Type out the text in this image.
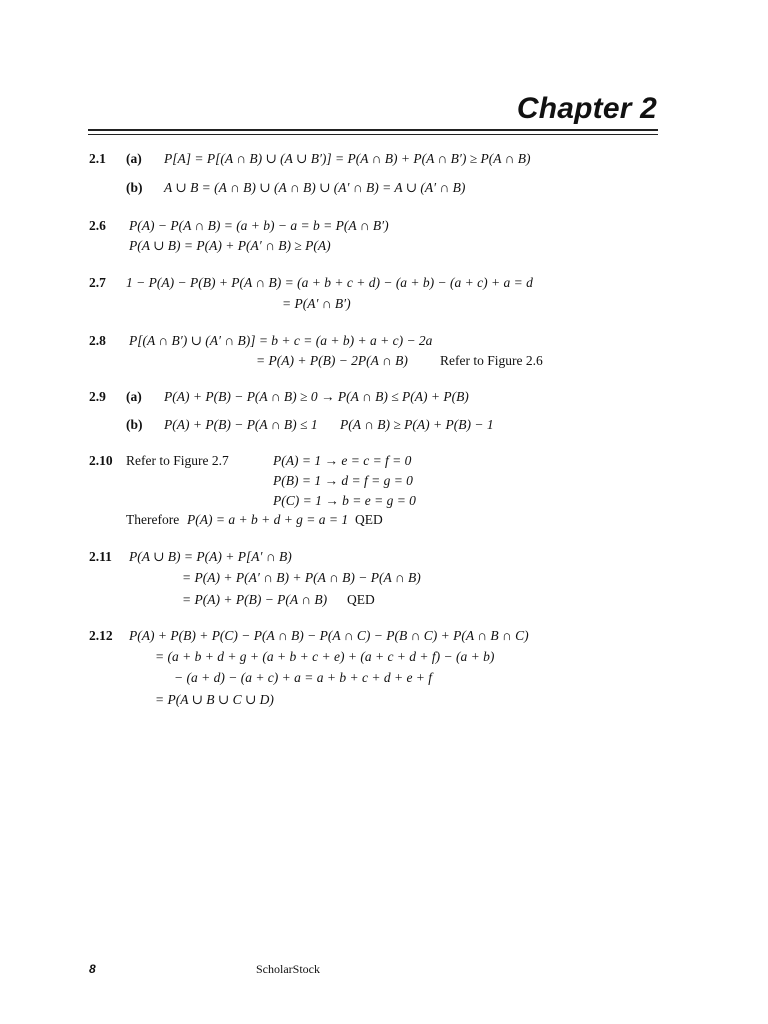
Chapter 2
2.1 (a) P[A] = P[(A ∩ B) ∪ (A ∪ B′)] = P(A ∩ B) + P(A ∩ B′) ≥ P(A ∩ B)
(b) A ∪ B = (A ∩ B) ∪ (A ∩ B) ∪ (A′ ∩ B) = A ∪ (A′ ∩ B)
2.6 P(A) − P(A ∩ B) = (a + b) − a = b = P(A ∩ B′)
P(A ∪ B) = P(A) + P(A′ ∩ B) ≥ P(A)
2.7 1 − P(A) − P(B) + P(A ∩ B) = (a + b + c + d) − (a + b) − (a + c) + a = d
= P(A′ ∩ B′)
2.8 P[(A ∩ B′) ∪ (A′ ∩ B)] = b + c = (a + b) + a + c) − 2a
= P(A) + P(B) − 2P(A ∩ B) Refer to Figure 2.6
2.9 (a) P(A) + P(B) − P(A ∩ B) ≥ 0 → P(A ∩ B) ≤ P(A) + P(B)
(b) P(A) + P(B) − P(A ∩ B) ≤ 1 P(A ∩ B) ≥ P(A) + P(B) − 1
2.10 Refer to Figure 2.7	P(A) = 1 → e = c = f = 0
P(B) = 1 → d = f = g = 0
P(C) = 1 → b = e = g = 0
Therefore P(A) = a + b + d + g = a = 1 QED
2.11 P(A ∪ B) = P(A) + P[A′ ∩ B)
= P(A) + P(A′ ∩ B) + P(A ∩ B) − P(A ∩ B)
= P(A) + P(B) − P(A ∩ B) QED
2.12 P(A) + P(B) + P(C) − P(A ∩ B) − P(A ∩ C) − P(B ∩ C) + P(A ∩ B ∩ C)
= (a + b + d + g + (a + b + c + e) + (a + c + d + f) − (a + b)
− (a + d) − (a + c) + a = a + b + c + d + e + f
= P(A ∪ B ∪ C ∪ D)
8	ScholarStock
